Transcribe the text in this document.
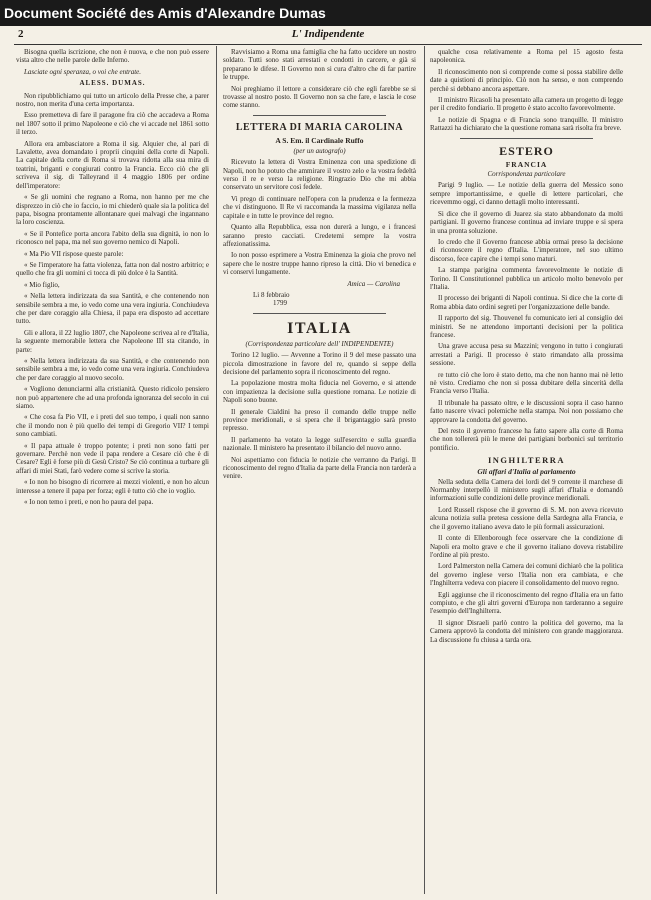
Document Société des Amis d'Alexandre Dumas
2	L' Indipendente

Bisogna quella iscrizione, che non è nuova, e che non può essere vista altro che nelle parole delle Inferno.

Lasciate ogni speranza, o voi che entrate.

ALESS. DUMAS.

Non ripubblichiamo qui tutto un articolo della Presse che, a parer nostro, non merita d'una certa importanza.

Esso premetteva di fare il paragone fra ciò che accadeva a Roma nel 1807 sotto il primo Napoleone e ciò che vi accade nel 1861 sotto il terzo.

Allora era ambasciatore a Roma il sig. Alquier che, al pari di Lavalette, avea domandato i proprii cinquini della corte di Napoli. La capitale della corte di Roma si trovava ridotta alla sua mira di teatrini, briganti e congiurati contro la Francia. Ecco ciò che gli scriveva il sig. di Talleyrand il 4 maggio 1806 per ordine dell'imperatore:

« Se gli uomini che regnano a Roma, non hanno per me che disprezzo in ciò che io faccio, io mi chiederò quale sia la politica del papa, bisogna prontamente allontanare quei malvagi che ingannano la loro coscienza.

« Se il Pontefice porta ancora l'abito della sua dignità, io non lo riconosco nel papa, ma nel suo governo nemico di Napoli.

« Ma Pio VII rispose queste parole:

« Se l'imperatore ha fatta violenza, fatta non dal nostro arbitrio; e quello che fra gli uomini ci tocca di più dolce è la Santità.

« Mio figlio,

« Nella lettera indirizzata da sua Santità, e che contenendo non sensibile sembra a me, io vedo come una vera ingiuria. Conchiudeva che per dare coraggio alla Chiesa, il papa era disposto ad accettare tutto.

Gli e allora, il 22 luglio 1807, che Napoleone scrivea al re d'Italia, la seguente memorabile lettera che Napoleone III sta citando, in parte:

« Nella lettera indirizzata da sua Santità, e che contenendo non sensibile sembra a me, io vedo come una vera ingiuria. Conchiudeva che per dare coraggio al nuovo secolo.

« Vogliono denunciarmi alla cristianità. Questo ridicolo pensiero non può appartenere che ad una profonda ignoranza del secolo in cui siamo.

« Che cosa fa Pio VII, e i preti del suo tempo, i quali non sanno che il mondo non è più quello dei tempi di Gregorio VII? I tempi sono cambiati.

« Il papa attuale è troppo potente; i preti non sono fatti per governare. Perchè non vede il papa rendere a Cesare ciò che è di Cesare? Egli è forse più di Gesù Cristo? Se ciò continua a turbare gli affari di miei Stati, farò vedere come si scrive la storia.

« Io non ho bisogno di ricorrere ai mezzi violenti, e non ho alcun interesse a tenere il papa per forza; egli è tutto ciò che io voglio.

« Io non temo i preti, e non ho paura del papa.

Ravvisiamo a Roma una famiglia che ha fatto uccidere un nostro soldato. Tutti sono stati arrestati e condotti in carcere, e già si preparano le difese. Il Governo non si cura d'altro che di far partire le truppe.

Noi preghiamo il lettore a considerare ciò che egli farebbe se si trovasse al nostro posto. Il Governo non sa che fare, e lascia le cose come stanno.

LETTERA DI MARIA CAROLINA

A S. Em. il Cardinale Ruffo

(per un autografo)

Ricevuto la lettera di Vostra Eminenza con una spedizione di Napoli, non ho potuto che ammirare il vostro zelo e la vostra fedeltà verso il re e verso la religione. Ringrazio Dio che mi abbia conservato un servitore così fedele.

Vi prego di continuare nell'opera con la prudenza e la fermezza che vi distinguono. Il Re vi raccomanda la massima vigilanza nella capitale e in tutte le province del regno.

Quanto alla Repubblica, essa non durerà a lungo, e i francesi saranno presto cacciati. Credetemi sempre la vostra affezionatissima.

Io non posso esprimere a Vostra Eminenza la gioia che provo nel sapere che le nostre truppe hanno ripreso la città. Dio vi benedica e vi conservi lungamente.

Amica — Carolina

Li 8 febbraio

1799

ITALIA

(Corrispondenza particolare dell' INDIPENDENTE)

Torino 12 luglio. — Avvenne a Torino il 9 del mese passato una piccola dimostrazione in favore del re, quando si seppe della decisione del parlamento sopra il riconoscimento del regno.

La popolazione mostra molta fiducia nel Governo, e si attende con impazienza la decisione sulla questione romana. Le notizie di Napoli sono buone.

Il generale Cialdini ha preso il comando delle truppe nelle province meridionali, e si spera che il brigantaggio sarà presto represso.

Il parlamento ha votato la legge sull'esercito e sulla guardia nazionale. Il ministero ha presentato il bilancio del nuovo anno.

Noi aspettiamo con fiducia le notizie che verranno da Parigi. Il riconoscimento del regno d'Italia da parte della Francia non tarderà a venire.

qualche cosa relativamente a Roma pel 15 agosto festa napoleonica.

Il riconoscimento non si comprende come si possa stabilire delle date a quistioni di principio. Ciò non ha senso, e non comprendo perchè si debbano ancora aspettare.

Il ministro Ricasoli ha presentato alla camera un progetto di legge per il credito fondiario. Il progetto è stato accolto favorevolmente.

Le notizie di Spagna e di Francia sono tranquille. Il ministro Rattazzi ha dichiarato che la questione romana sarà risolta fra breve.

ESTERO

FRANCIA

Corrispondenza particolare

Parigi 9 luglio. — Le notizie della guerra del Messico sono sempre importantissime, e quelle di lettere particolari, che ricevemmo oggi, ci danno dettagli molto interessanti.

Si dice che il governo di Juarez sia stato abbandonato da molti partigiani. Il governo francese continua ad inviare truppe e si spera in una pronta soluzione.

Io credo che il Governo francese abbia ormai preso la decisione di riconoscere il regno d'Italia. L'imperatore, nel suo ultimo discorso, fece capire che i tempi sono maturi.

La stampa parigina commenta favorevolmente le notizie di Torino. Il Constitutionnel pubblica un articolo molto benevolo per l'Italia.

Il processo dei briganti di Napoli continua. Si dice che la corte di Roma abbia dato ordini segreti per l'organizzazione delle bande.

Il rapporto del sig. Thouvenel fu comunicato ieri al consiglio dei ministri. Se ne attendono importanti decisioni per la politica francese.

Una grave accusa pesa su Mazzini; vengono in tutto i congiurati arrestati a Parigi. Il processo è stato rimandato alla prossima sessione.

re tutto ciò che loro è stato detto, ma che non hanno mai nè letto nè visto. Crediamo che non si possa dubitare della sincerità della Francia verso l'Italia.

Il tribunale ha passato oltre, e le discussioni sopra il caso hanno fatto nascere vivaci polemiche nella stampa. Noi non possiamo che approvare la condotta del governo.

Del resto il governo francese ha fatto sapere alla corte di Roma che non tollererà più le mene dei partigiani borbonici sul territorio pontificio.

INGHILTERRA

Gli affari d'Italia al parlamento

Nella seduta della Camera dei lordi del 9 corrente il marchese di Normanby interpellò il ministero sugli affari d'Italia e domandò informazioni sulle condizioni delle province meridionali.

Lord Russell rispose che il governo di S. M. non aveva ricevuto alcuna notizia sulla pretesa cessione della Sardegna alla Francia, e che il governo italiano aveva dato le più formali assicurazioni.

Il conte di Ellenborough fece osservare che la condizione di Napoli era molto grave e che il governo italiano doveva ristabilire l'ordine al più presto.

Lord Palmerston nella Camera dei comuni dichiarò che la politica del governo inglese verso l'Italia non era cambiata, e che l'Inghilterra vedeva con piacere il consolidamento del nuovo regno.

Egli aggiunse che il riconoscimento del regno d'Italia era un fatto compiuto, e che gli altri governi d'Europa non tarderanno a seguire l'esempio dell'Inghilterra.

Il signor Disraeli parlò contro la politica del governo, ma la Camera approvò la condotta del ministero con grande maggioranza. La discussione fu chiusa a tarda ora.
